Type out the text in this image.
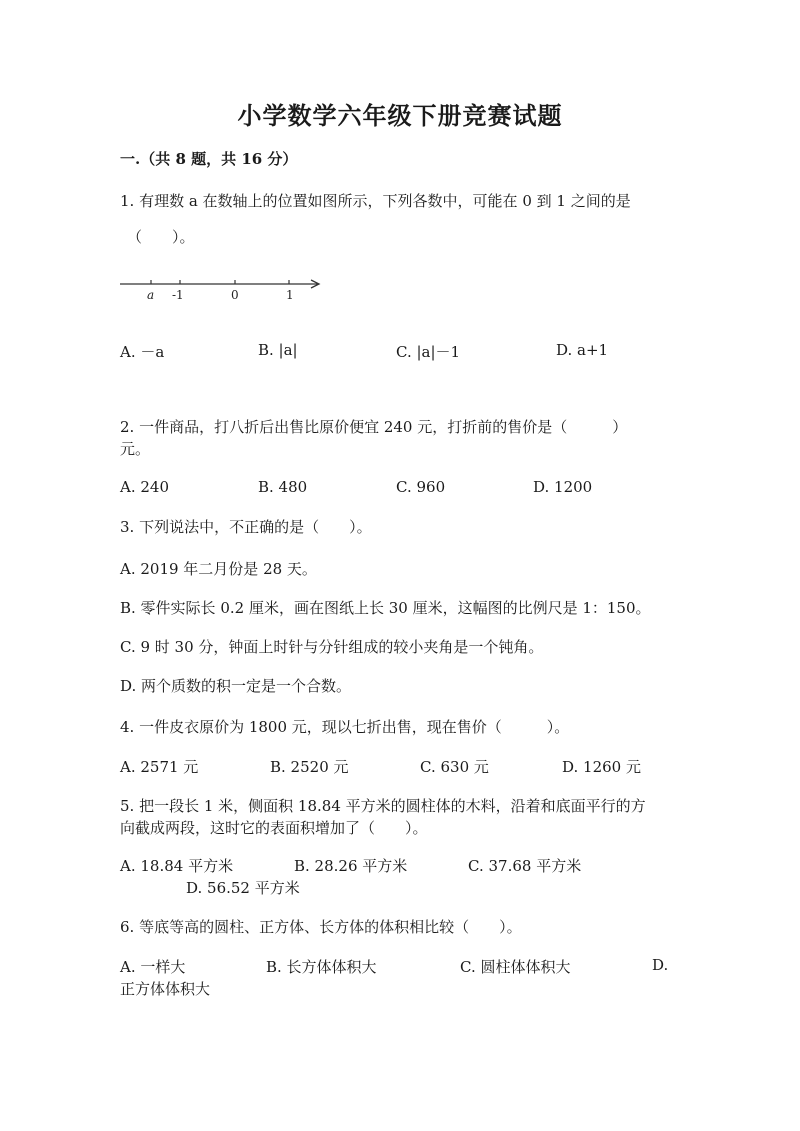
小学数学六年级下册竞赛试题
一.（共 8 题，共 16 分）
1. 有理数 a 在数轴上的位置如图所示，下列各数中，可能在 0 到 1 之间的是
（　　）。
a -1	0	1
A. －a	B. |a|	C. |a|－1	D. a+1
2. 一件商品，打八折后出售比原价便宜 240 元，打折前的售价是（　　　）
元。
A. 240	B. 480	C. 960	D. 1200
3. 下列说法中，不正确的是（　　）。
A. 2019 年二月份是 28 天。
B. 零件实际长 0.2 厘米，画在图纸上长 30 厘米，这幅图的比例尺是 1：150。
C. 9 时 30 分，钟面上时针与分针组成的较小夹角是一个钝角。
D. 两个质数的积一定是一个合数。
4. 一件皮衣原价为 1800 元，现以七折出售，现在售价（　　　）。
A. 2571 元	B. 2520 元	C. 630 元	D. 1260 元
5. 把一段长 1 米，侧面积 18.84 平方米的圆柱体的木料，沿着和底面平行的方
向截成两段，这时它的表面积增加了（　　）。
A. 18.84 平方米	B. 28.26 平方米	C. 37.68 平方米
D. 56.52 平方米
6. 等底等高的圆柱、正方体、长方体的体积相比较（　　）。
A. 一样大	B. 长方体体积大	C. 圆柱体体积大	D.
正方体体积大
